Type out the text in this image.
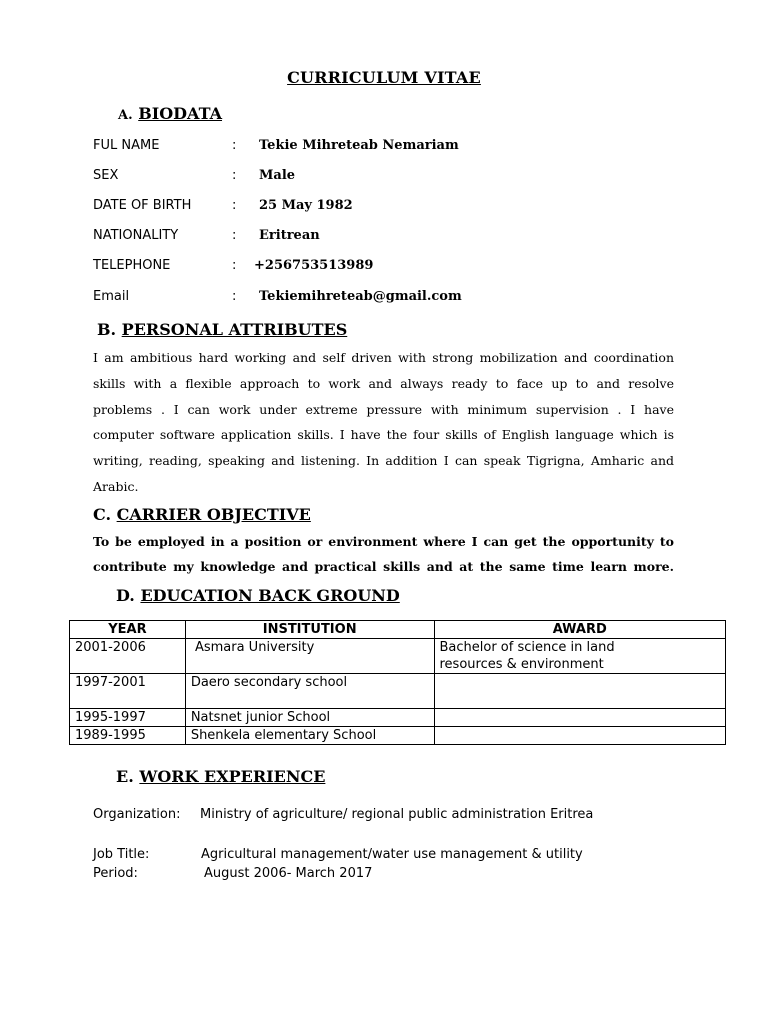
CURRICULUM VITAE
A. BIODATA
FUL NAME	: Tekie Mihreteab Nemariam
SEX	: Male
DATE OF BIRTH	: 25 May 1982
NATIONALITY	: Eritrean
TELEPHONE	: +256753513989
Email	: Tekiemihreteab@gmail.com
B. PERSONAL ATTRIBUTES
I am ambitious hard working and self driven with strong mobilization and coordination
skills with a flexible approach to work and always ready to face up to and resolve
problems . I can work under extreme pressure with minimum supervision . I have
computer software application skills. I have the four skills of English language which is
writing, reading, speaking and listening. In addition I can speak Tigrigna, Amharic and
Arabic.
C. CARRIER OBJECTIVE
To be employed in a position or environment where I can get the opportunity to
contribute my knowledge and practical skills and at the same time learn more.
D. EDUCATION BACK GROUND
YEAR	INSTITUTION	AWARD
2001-2006	Asmara University	Bachelor of science in land
resources & environment

1997-2001	Daero secondary school	
1995-1997	Natsnet junior School	
1989-1995	Shenkela elementary School	
E. WORK EXPERIENCE
Organization: Ministry of agriculture/ regional public administration Eritrea
Job Title:	Agricultural management/water use management & utility
Period:	August 2006- March 2017
